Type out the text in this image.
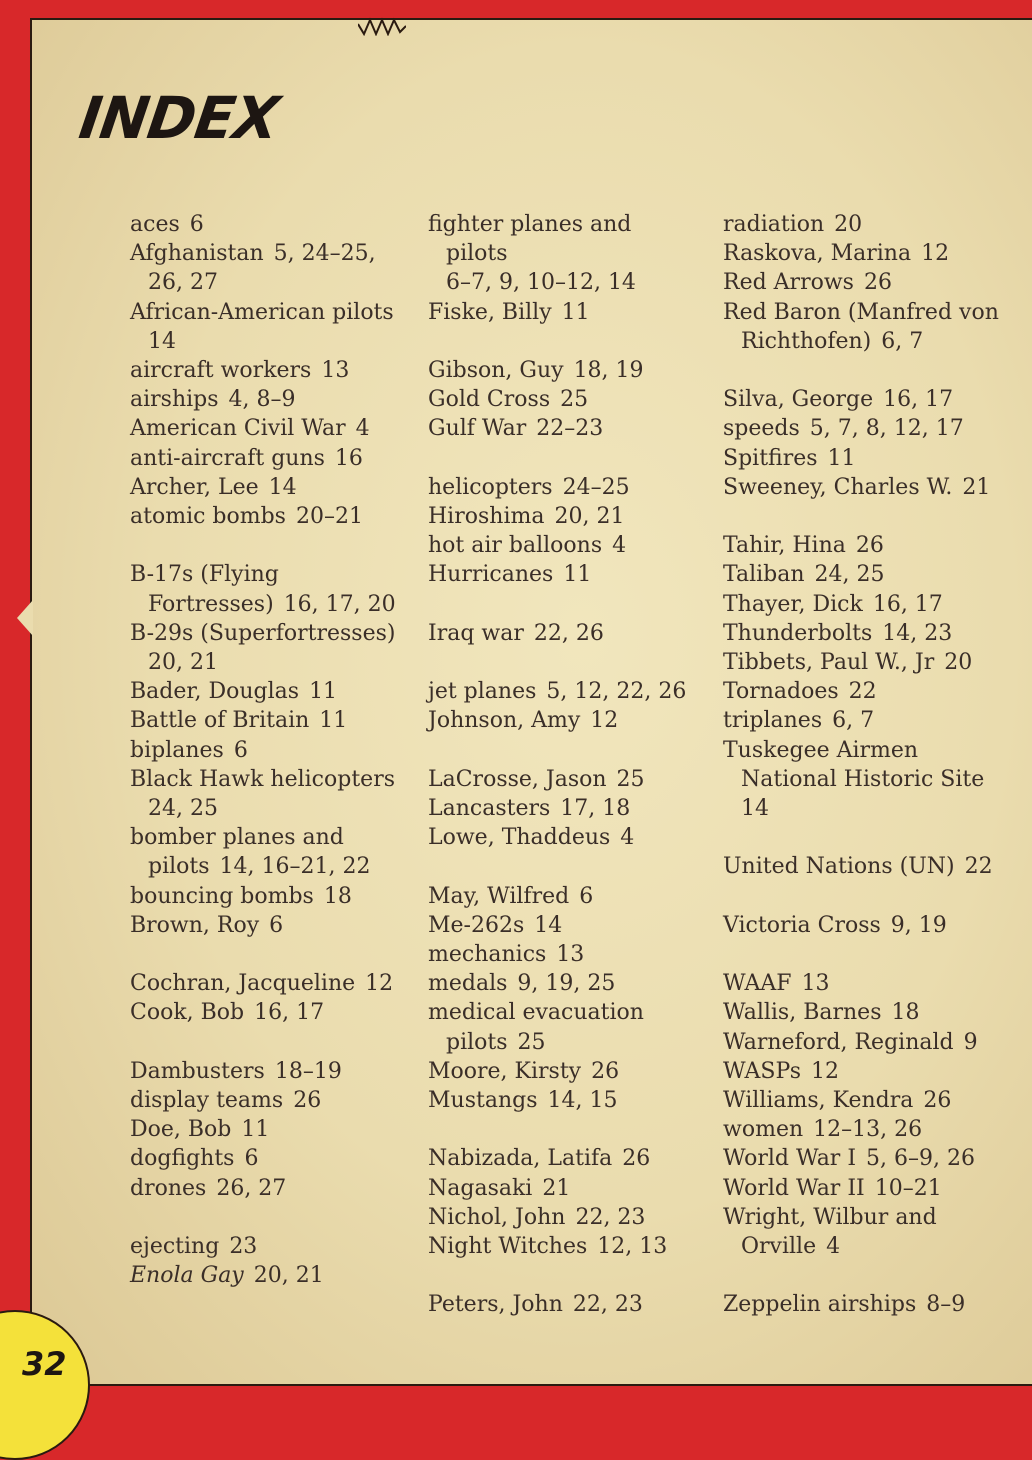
INDEX

aces 6

Afghanistan 5, 24–25,
26, 27

African-American pilots
14

aircraft workers 13

airships 4, 8–9

American Civil War 4

anti-aircraft guns 16

Archer, Lee 14

atomic bombs 20–21

B-17s (Flying
Fortresses) 16, 17, 20

B-29s (Superfortresses)
20, 21

Bader, Douglas 11

Battle of Britain 11

biplanes 6

Black Hawk helicopters
24, 25

bomber planes and
pilots 14, 16–21, 22

bouncing bombs 18

Brown, Roy 6

Cochran, Jacqueline 12

Cook, Bob 16, 17

Dambusters 18–19

display teams 26

Doe, Bob 11

dogfights 6

drones 26, 27

ejecting 23

Enola Gay 20, 21

fighter planes and pilots
6–7, 9, 10–12, 14

Fiske, Billy 11

Gibson, Guy 18, 19

Gold Cross 25

Gulf War 22–23

helicopters 24–25

Hiroshima 20, 21

hot air balloons 4

Hurricanes 11

Iraq war 22, 26

jet planes 5, 12, 22, 26

Johnson, Amy 12

LaCrosse, Jason 25

Lancasters 17, 18

Lowe, Thaddeus 4

May, Wilfred 6

Me-262s 14

mechanics 13

medals 9, 19, 25

medical evacuation
pilots 25

Moore, Kirsty 26

Mustangs 14, 15

Nabizada, Latifa 26

Nagasaki 21

Nichol, John 22, 23

Night Witches 12, 13

Peters, John 22, 23

radiation 20

Raskova, Marina 12

Red Arrows 26

Red Baron (Manfred von
Richthofen) 6, 7

Silva, George 16, 17

speeds 5, 7, 8, 12, 17

Spitfires 11

Sweeney, Charles W. 21

Tahir, Hina 26

Taliban 24, 25

Thayer, Dick 16, 17

Thunderbolts 14, 23

Tibbets, Paul W., Jr 20

Tornadoes 22

triplanes 6, 7

Tuskegee Airmen
National Historic Site
14

United Nations (UN) 22

Victoria Cross 9, 19

WAAF 13

Wallis, Barnes 18

Warneford, Reginald 9

WASPs 12

Williams, Kendra 26

women 12–13, 26

World War I 5, 6–9, 26

World War II 10–21

Wright, Wilbur and
Orville 4

Zeppelin airships 8–9

32
